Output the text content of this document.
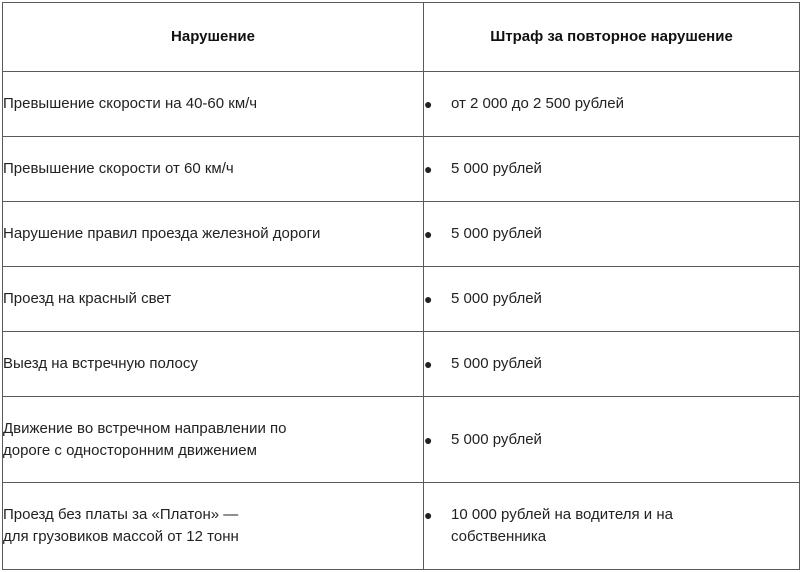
Нарушение	Штраф за повторное нарушение
Превышение скорости на 40-60 км/ч	● от 2 000 до 2 500 рублей

Превышение скорости от 60 км/ч	● 5 000 рублей

Нарушение правил проезда железной дороги	● 5 000 рублей

Проезд на красный свет	● 5 000 рублей

Выезд на встречную полосу	● 5 000 рублей

Движение во встречном направлении по
дороге с односторонним движением	● 5 000 рублей

Проезд без платы за «Платон» —
для грузовиков массой от 12 тонн	● 10 000 рублей на водителя и на
собственника
